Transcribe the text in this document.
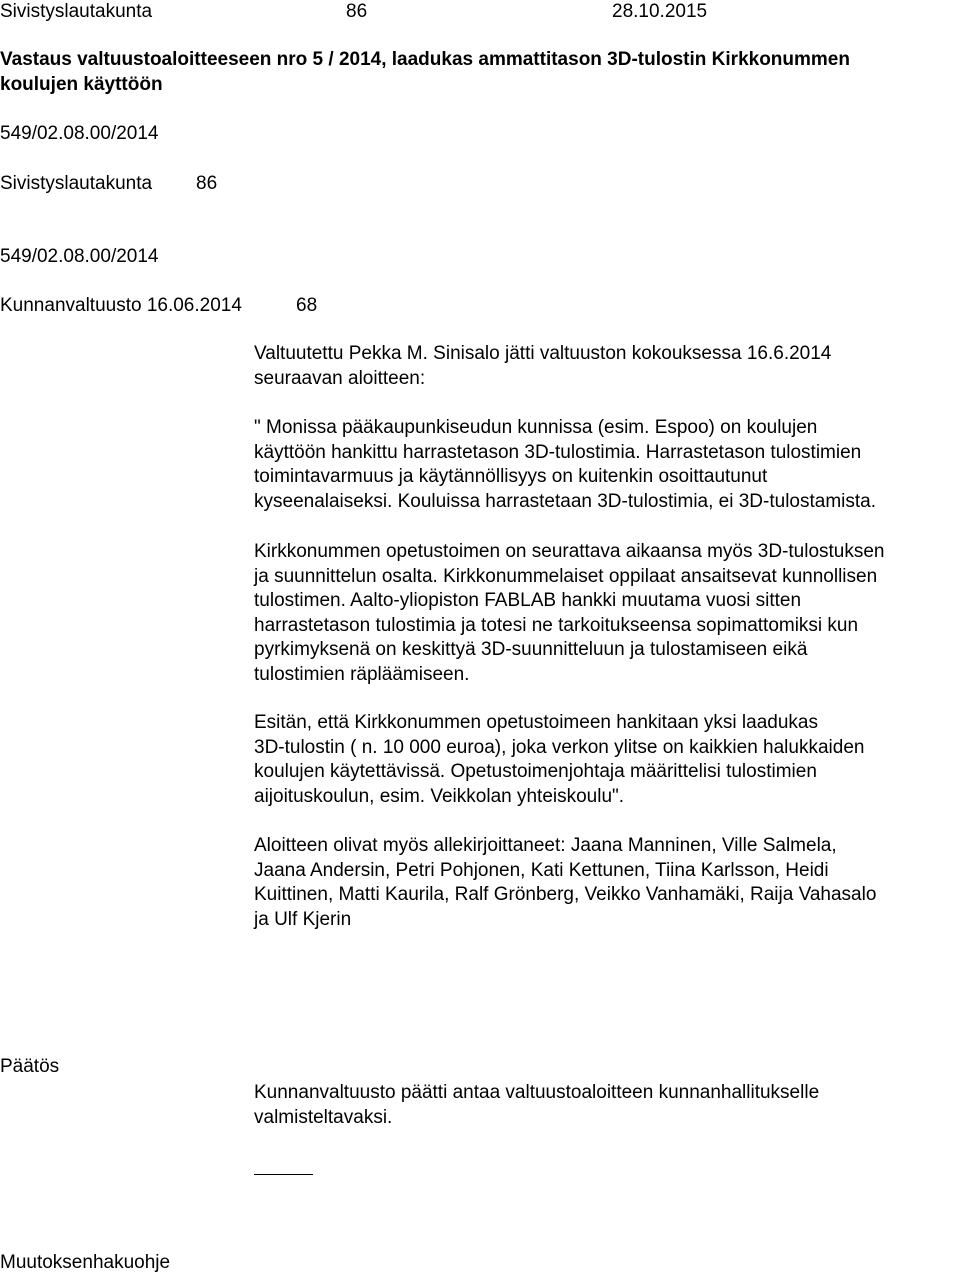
Sivistyslautakunta	86	28.10.2015
Vastaus valtuustoaloitteeseen nro 5 / 2014, laadukas ammattitason 3D-tulostin Kirkkonummen
koulujen käyttöön
549/02.08.00/2014
Sivistyslautakunta 86
549/02.08.00/2014
Kunnanvaltuusto 16.06.2014	68
Valtuutettu Pekka M. Sinisalo jätti valtuuston kokouksessa 16.6.2014
seuraavan aloitteen:
" Monissa pääkaupunkiseudun kunnissa (esim. Espoo) on koulujen
käyttöön hankittu harrastetason 3D-tulostimia. Harrastetason tulostimien
toimintavarmuus ja käytännöllisyys on kuitenkin osoittautunut
kyseenalaiseksi. Kouluissa harrastetaan 3D-tulostimia, ei 3D-tulostamista.
Kirkkonummen opetustoimen on seurattava aikaansa myös 3D-tulostuksen
ja suunnittelun osalta. Kirkkonummelaiset oppilaat ansaitsevat kunnollisen
tulostimen. Aalto-yliopiston FABLAB hankki muutama vuosi sitten
harrastetason tulostimia ja totesi ne tarkoitukseensa sopimattomiksi kun
pyrkimyksenä on keskittyä 3D-suunnitteluun ja tulostamiseen eikä
tulostimien räpläämiseen.
Esitän, että Kirkkonummen opetustoimeen hankitaan yksi laadukas
3D-tulostin ( n. 10 000 euroa), joka verkon ylitse on kaikkien halukkaiden
koulujen käytettävissä. Opetustoimenjohtaja määrittelisi tulostimien
aijoituskoulun, esim. Veikkolan yhteiskoulu".
Aloitteen olivat myös allekirjoittaneet: Jaana Manninen, Ville Salmela,
Jaana Andersin, Petri Pohjonen, Kati Kettunen, Tiina Karlsson, Heidi
Kuittinen, Matti Kaurila, Ralf Grönberg, Veikko Vanhamäki, Raija Vahasalo
ja Ulf Kjerin
Päätös
Kunnanvaltuusto päätti antaa valtuustoaloitteen kunnanhallitukselle
valmisteltavaksi.
Muutoksenhakuohje
